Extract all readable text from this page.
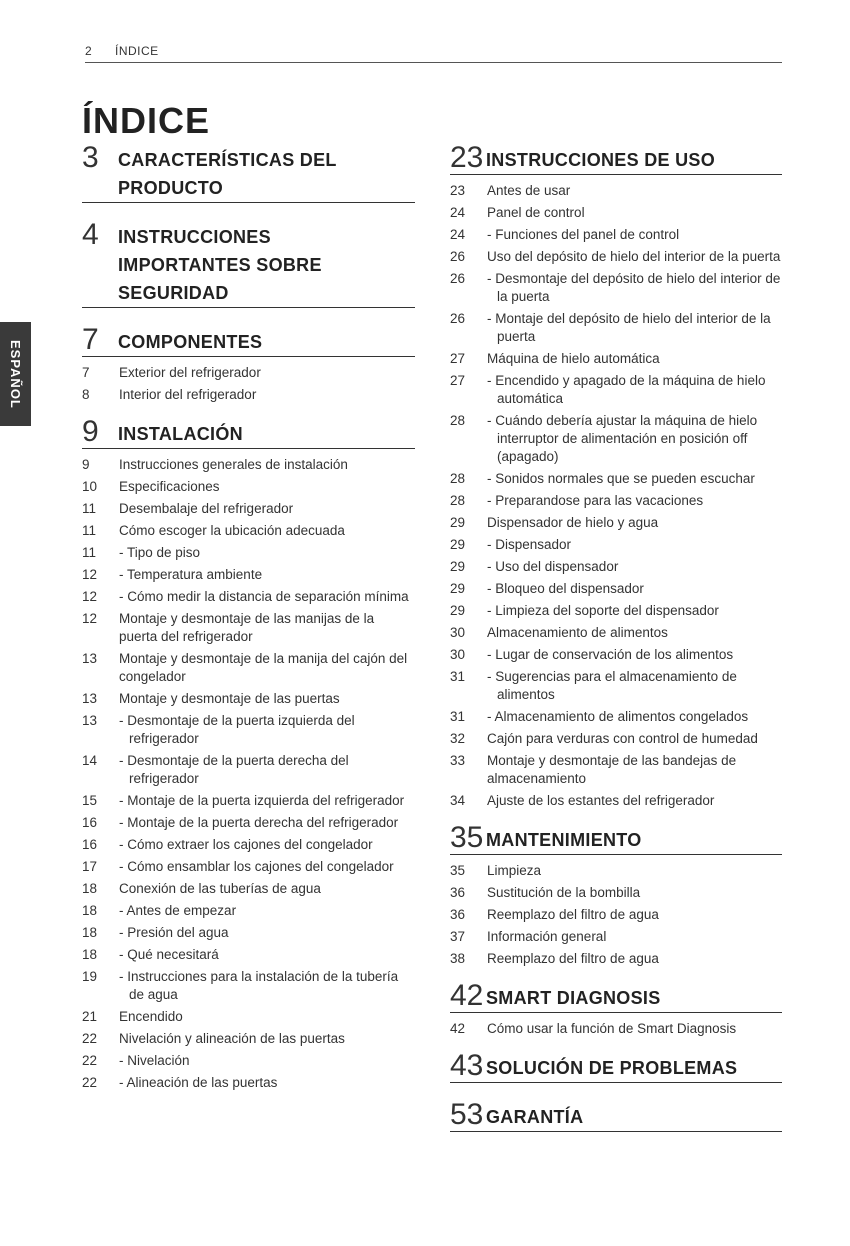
2 ÍNDICE
ÍNDICE
ESPAÑOL
3	CARACTERÍSTICAS DEL PRODUCTO
4	INSTRUCCIONES IMPORTANTES SOBRE SEGURIDAD
7	COMPONENTES
7	Exterior del refrigerador
8	Interior del refrigerador
9	INSTALACIÓN
9	Instrucciones generales de instalación
10	Especificaciones
11	Desembalaje del refrigerador
11	Cómo escoger la ubicación adecuada
11	- Tipo de piso
12	- Temperatura ambiente
12	- Cómo medir la distancia de separación mínima
12	Montaje y desmontaje de las manijas de la puerta del refrigerador
13	Montaje y desmontaje de la manija del cajón del congelador
13	Montaje y desmontaje de las puertas
13	- Desmontaje de la puerta izquierda del refrigerador
14	- Desmontaje de la puerta derecha del refrigerador
15	- Montaje de la puerta izquierda del refrigerador
16	- Montaje de la puerta derecha del refrigerador
16	- Cómo extraer los cajones del congelador
17	- Cómo ensamblar los cajones del congelador
18	Conexión de las tuberías de agua
18	- Antes de empezar
18	- Presión del agua
18	- Qué necesitará
19	- Instrucciones para la instalación de la tubería de agua
21	Encendido
22	Nivelación y alineación de las puertas
22	- Nivelación
22	- Alineación de las puertas
23 INSTRUCCIONES DE USO
23	Antes de usar
24	Panel de control
24	- Funciones del panel de control
26	Uso del depósito de hielo del interior de la puerta
26	- Desmontaje del depósito de hielo del interior de la puerta
26	- Montaje del depósito de hielo del interior de la puerta
27	Máquina de hielo automática
27	- Encendido y apagado de la máquina de hielo automática
28	- Cuándo debería ajustar la máquina de hielo interruptor de alimentación en posición off (apagado)
28	- Sonidos normales que se pueden escuchar
28	- Preparandose para las vacaciones
29	Dispensador de hielo y agua
29	- Dispensador
29	- Uso del dispensador
29	- Bloqueo del dispensador
29	- Limpieza del soporte del dispensador
30	Almacenamiento de alimentos
30	- Lugar de conservación de los alimentos
31	- Sugerencias para el almacenamiento de alimentos
31	- Almacenamiento de alimentos congelados
32	Cajón para verduras con control de humedad
33	Montaje y desmontaje de las bandejas de almacenamiento
34	Ajuste de los estantes del refrigerador
35 MANTENIMIENTO
35	Limpieza
36	Sustitución de la bombilla
36	Reemplazo del filtro de agua
37	Información general
38	Reemplazo del filtro de agua
42 SMART DIAGNOSIS
42	Cómo usar la función de Smart Diagnosis
43 SOLUCIÓN DE PROBLEMAS
53 GARANTÍA
